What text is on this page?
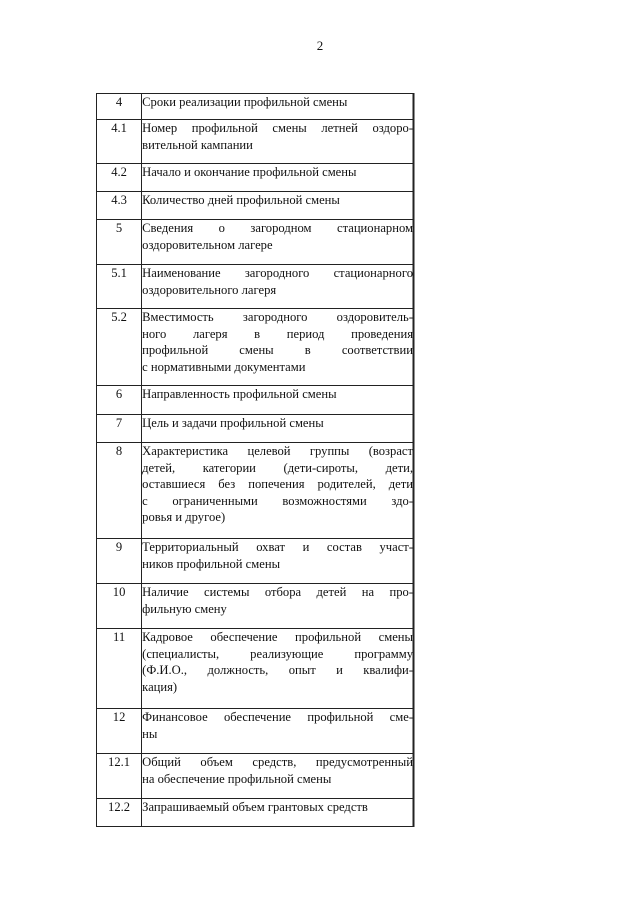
2
4	Сроки реализации профильной смены

4.1	Номер профильной смены летней оздоро-
вительной кампании

4.2	Начало и окончание профильной смены

4.3	Количество дней профильной смены

5	Сведения о загородном стационарном
оздоровительном лагере

5.1	Наименование загородного стационарного
оздоровительного лагеря

5.2	Вместимость загородного оздоровитель-
ного лагеря в период проведения
профильной смены в соответствии
с нормативными документами

6	Направленность профильной смены

7	Цель и задачи профильной смены

8	Характеристика целевой группы (возраст
детей, категории (дети-сироты, дети,
оставшиеся без попечения родителей, дети
с ограниченными возможностями здо-
ровья и другое)

9	Территориальный охват и состав участ-
ников профильной смены

10	Наличие системы отбора детей на про-
фильную смену

11	Кадровое обеспечение профильной смены
(специалисты, реализующие программу
(Ф.И.О., должность, опыт и квалифи-
кация)

12	Финансовое обеспечение профильной сме-
ны

12.1	Общий объем средств, предусмотренный
на обеспечение профильной смены

12.2	Запрашиваемый объем грантовых средств
